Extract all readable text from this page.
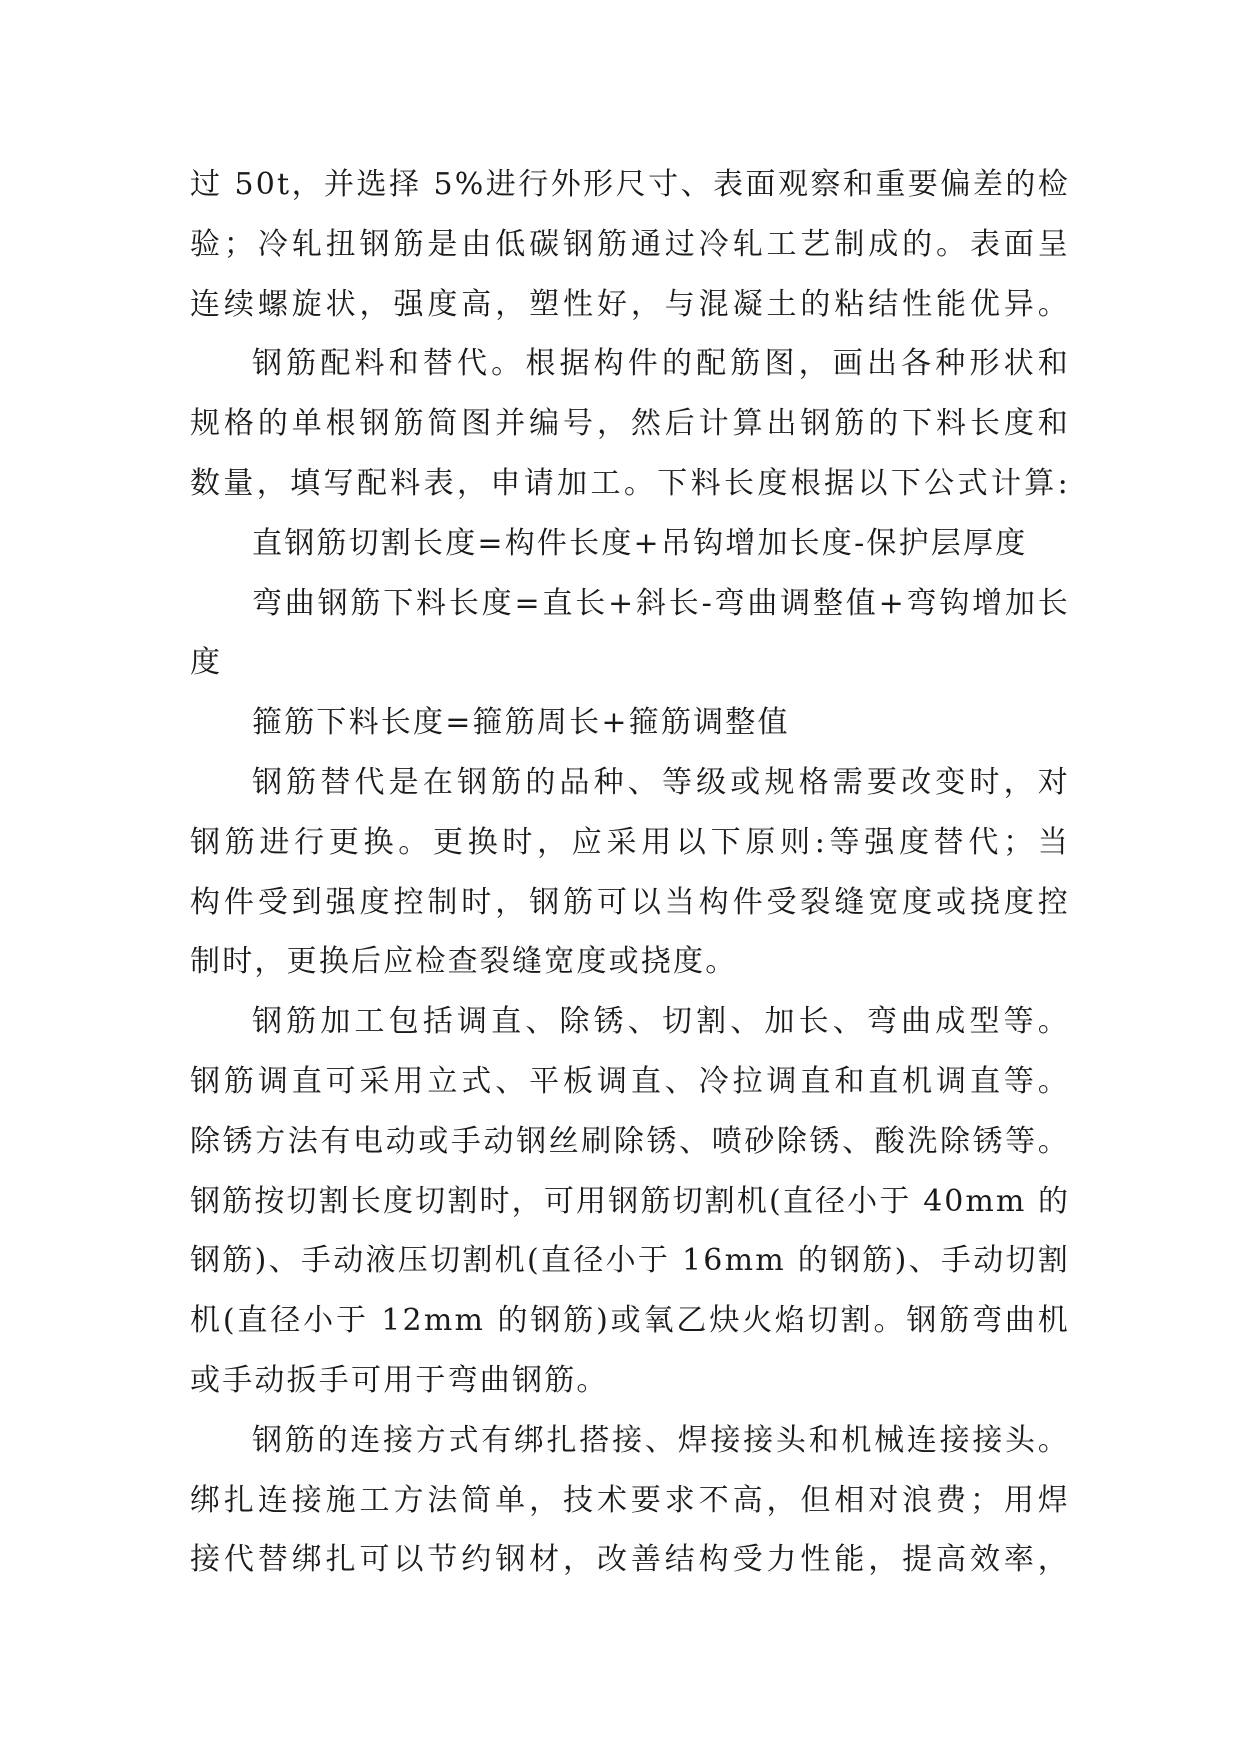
过 50t，并选择 5%进行外形尺寸、表面观察和重要偏差的检
验；冷轧扭钢筋是由低碳钢筋通过冷轧工艺制成的。表面呈
连续螺旋状，强度高，塑性好，与混凝土的粘结性能优异。
钢筋配料和替代。根据构件的配筋图，画出各种形状和
规格的单根钢筋简图并编号，然后计算出钢筋的下料长度和
数量，填写配料表，申请加工。下料长度根据以下公式计算:
直钢筋切割长度=构件长度+吊钩增加长度-保护层厚度
弯曲钢筋下料长度=直长+斜长-弯曲调整值+弯钩增加长
度
箍筋下料长度=箍筋周长+箍筋调整值
钢筋替代是在钢筋的品种、等级或规格需要改变时，对
钢筋进行更换。更换时，应采用以下原则:等强度替代；当
构件受到强度控制时，钢筋可以当构件受裂缝宽度或挠度控
制时，更换后应检查裂缝宽度或挠度。
钢筋加工包括调直、除锈、切割、加长、弯曲成型等。
钢筋调直可采用立式、平板调直、冷拉调直和直机调直等。
除锈方法有电动或手动钢丝刷除锈、喷砂除锈、酸洗除锈等。
钢筋按切割长度切割时，可用钢筋切割机(直径小于 40mm 的
钢筋)、手动液压切割机(直径小于 16mm 的钢筋)、手动切割
机(直径小于 12mm 的钢筋)或氧乙炔火焰切割。钢筋弯曲机
或手动扳手可用于弯曲钢筋。
钢筋的连接方式有绑扎搭接、焊接接头和机械连接接头。
绑扎连接施工方法简单，技术要求不高，但相对浪费；用焊
接代替绑扎可以节约钢材，改善结构受力性能，提高效率，
